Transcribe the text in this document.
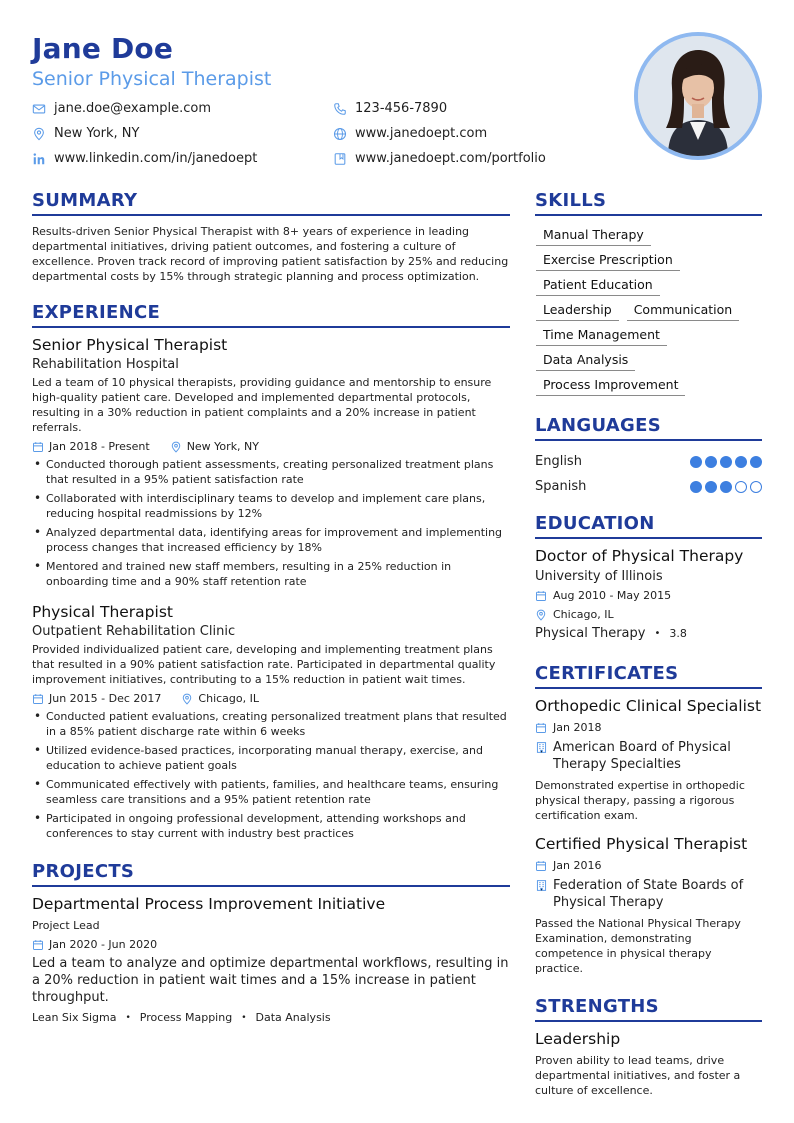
Jane Doe
Senior Physical Therapist
jane.doe@example.com	123-456-7890
New York, NY	www.janedoept.com
www.linkedin.com/in/janedoept	www.janedoept.com/portfolio
SUMMARY
Results-driven Senior Physical Therapist with 8+ years of experience in leading departmental initiatives, driving patient outcomes, and fostering a culture of excellence. Proven track record of improving patient satisfaction by 25% and reducing departmental costs by 15% through strategic planning and process optimization.
EXPERIENCE
Senior Physical Therapist
Rehabilitation Hospital
Led a team of 10 physical therapists, providing guidance and mentorship to ensure high-quality patient care. Developed and implemented departmental protocols, resulting in a 30% reduction in patient complaints and a 20% increase in patient referrals.
Jan 2018 - Present	New York, NY
• Conducted thorough patient assessments, creating personalized treatment plans that resulted in a 95% patient satisfaction rate
• Collaborated with interdisciplinary teams to develop and implement care plans, reducing hospital readmissions by 12%
• Analyzed departmental data, identifying areas for improvement and implementing process changes that increased efficiency by 18%
• Mentored and trained new staff members, resulting in a 25% reduction in onboarding time and a 90% staff retention rate
Physical Therapist
Outpatient Rehabilitation Clinic
Provided individualized patient care, developing and implementing treatment plans that resulted in a 90% patient satisfaction rate. Participated in departmental quality improvement initiatives, contributing to a 15% reduction in patient wait times.
Jun 2015 - Dec 2017	Chicago, IL
• Conducted patient evaluations, creating personalized treatment plans that resulted in a 85% patient discharge rate within 6 weeks
• Utilized evidence-based practices, incorporating manual therapy, exercise, and education to achieve patient goals
• Communicated effectively with patients, families, and healthcare teams, ensuring seamless care transitions and a 95% patient retention rate
• Participated in ongoing professional development, attending workshops and conferences to stay current with industry best practices
PROJECTS
Departmental Process Improvement Initiative
Project Lead
Jan 2020 - Jun 2020
Led a team to analyze and optimize departmental workflows, resulting in a 20% reduction in patient wait times and a 15% increase in patient throughput.
Lean Six Sigma • Process Mapping • Data Analysis
SKILLS
Manual Therapy
Exercise Prescription
Patient Education
Leadership	Communication
Time Management
Data Analysis
Process Improvement
LANGUAGES
English
Spanish
EDUCATION
Doctor of Physical Therapy
University of Illinois
Aug 2010 - May 2015
Chicago, IL
Physical Therapy • 3.8
CERTIFICATES
Orthopedic Clinical Specialist
Jan 2018
American Board of Physical Therapy Specialties
Demonstrated expertise in orthopedic physical therapy, passing a rigorous certification exam.
Certified Physical Therapist
Jan 2016
Federation of State Boards of Physical Therapy
Passed the National Physical Therapy Examination, demonstrating competence in physical therapy practice.
STRENGTHS
Leadership
Proven ability to lead teams, drive departmental initiatives, and foster a culture of excellence.
